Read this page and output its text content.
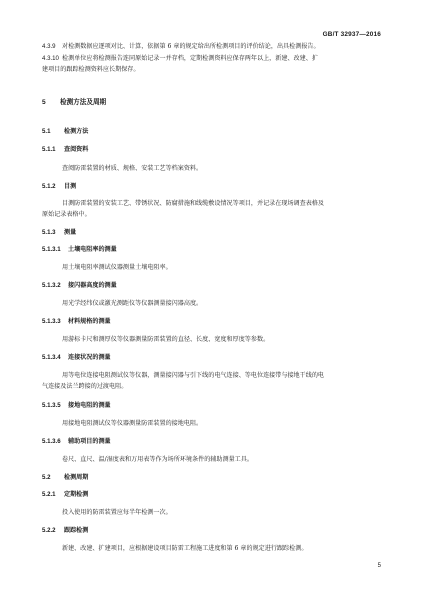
GB/T 32937—2016
4.3.9 对检测数据应逐项对比、计算，依据第 6 章的规定给出所检测项目的评价结论，出具检测报告。
4.3.10 检测单位应将检测报告连同原始记录一并存档，定期检测资料应保存两年以上，新建、改建、扩
建项目的跟踪检测资料应长期保存。
5 检测方法及周期
5.1 检测方法
5.1.1 查阅资料
查阅防雷装置的材质、规格、安装工艺等档案资料。
5.1.2 目测
目测防雷装置的安装工艺、带锈状况、防腐措施和线缆敷设情况等项目，并记录在现场调查表格及
原始记录表格中。
5.1.3 测量
5.1.3.1 土壤电阻率的测量
用土壤电阻率测试仪器测量土壤电阻率。
5.1.3.2 接闪器高度的测量
用光学经纬仪或激光测距仪等仪器测量接闪器高度。
5.1.3.3 材料规格的测量
用游标卡尺和测厚仪等仪器测量防雷装置的直径、长度、宽度和厚度等参数。
5.1.3.4 连接状况的测量
用等电位连接电阻测试仪等仪器，测量接闪器与引下线的电气连接、等电位连接带与接地干线的电
气连接及法兰跨接的过渡电阻。
5.1.3.5 接地电阻的测量
用接地电阻测试仪等仪器测量防雷装置的接地电阻。
5.1.3.6 辅助项目的测量
卷尺、直尺、温/湿度表和万用表等作为场所环境条件的辅助测量工具。
5.2 检测周期
5.2.1 定期检测
投入使用的防雷装置应每半年检测一次。
5.2.2 跟踪检测
新建、改建、扩建项目，应根据建设项目防雷工程施工进度和第 6 章的规定进行跟踪检测。
5
